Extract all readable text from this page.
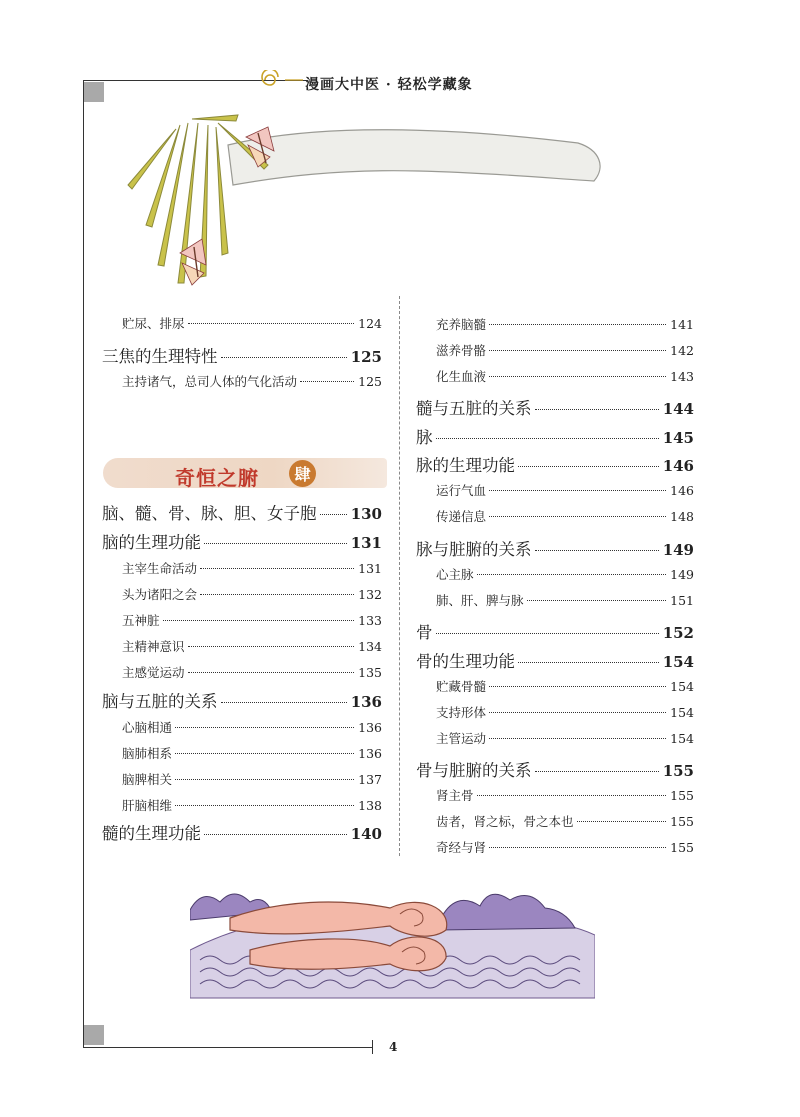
漫画大中医 · 轻松学藏象
贮尿、排尿	124
三焦的生理特性	125
主持诸气，总司人体的气化活动	125
奇恒之腑	肆
脑、髓、骨、脉、胆、女子胞 130
脑的生理功能	131
主宰生命活动	131
头为诸阳之会	132
五神脏	133
主精神意识	134
主感觉运动	135
脑与五脏的关系	136
心脑相通	136
脑肺相系	136
脑脾相关	137
肝脑相维	138
髓的生理功能	140
充养脑髓	141
滋养骨骼	142
化生血液	143
髓与五脏的关系	144
脉	145
脉的生理功能	146
运行气血	146
传递信息	148
脉与脏腑的关系	149
心主脉	149
肺、肝、脾与脉	151
骨	152
骨的生理功能	154
贮藏骨髓	154
支持形体	154
主管运动	154
骨与脏腑的关系	155
肾主骨	155
齿者，肾之标，骨之本也	155
奇经与肾	155
4
